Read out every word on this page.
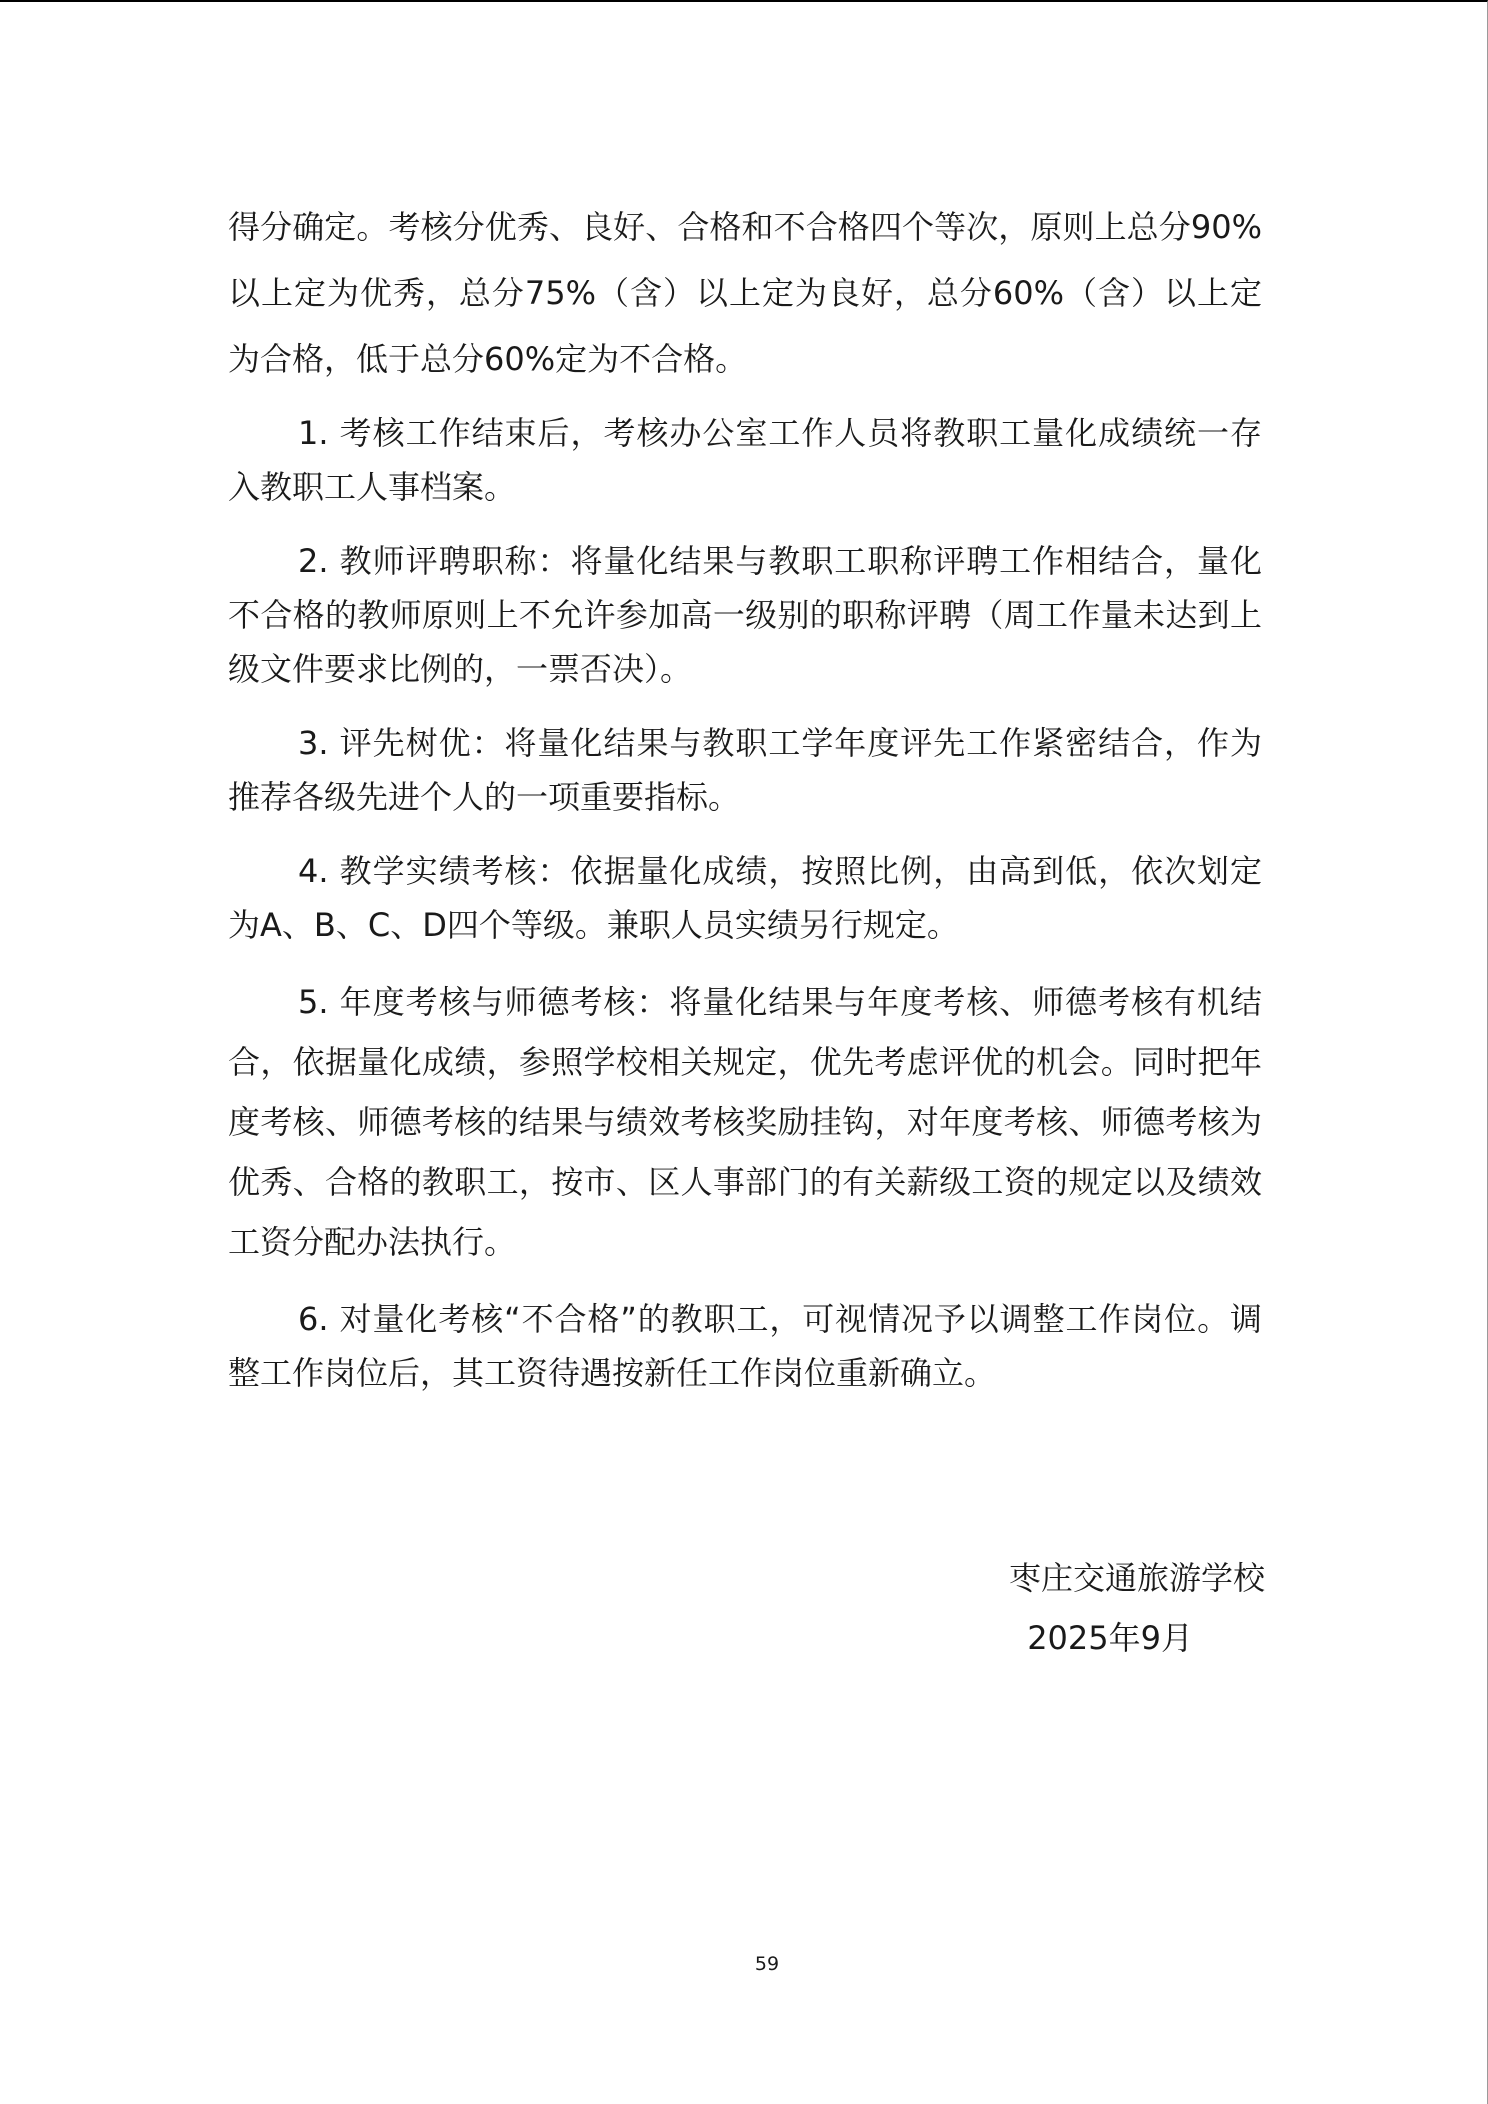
得分确定。考核分优秀、良好、合格和不合格四个等次，原则上总分90%以上定为优秀，总分75%（含）以上定为良好，总分60%（含）以上定为合格，低于总分60%定为不合格。

1. 考核工作结束后，考核办公室工作人员将教职工量化成绩统一存入教职工人事档案。

2. 教师评聘职称：将量化结果与教职工职称评聘工作相结合，量化不合格的教师原则上不允许参加高一级别的职称评聘（周工作量未达到上级文件要求比例的，一票否决）。

3. 评先树优：将量化结果与教职工学年度评先工作紧密结合，作为推荐各级先进个人的一项重要指标。

4. 教学实绩考核：依据量化成绩，按照比例，由高到低，依次划定为A、B、C、D四个等级。兼职人员实绩另行规定。

5. 年度考核与师德考核：将量化结果与年度考核、师德考核有机结合，依据量化成绩，参照学校相关规定，优先考虑评优的机会。同时把年度考核、师德考核的结果与绩效考核奖励挂钩，对年度考核、师德考核为优秀、合格的教职工，按市、区人事部门的有关薪级工资的规定以及绩效工资分配办法执行。

6. 对量化考核“不合格”的教职工，可视情况予以调整工作岗位。调整工作岗位后，其工资待遇按新任工作岗位重新确立。

枣庄交通旅游学校
2025年9月
59
